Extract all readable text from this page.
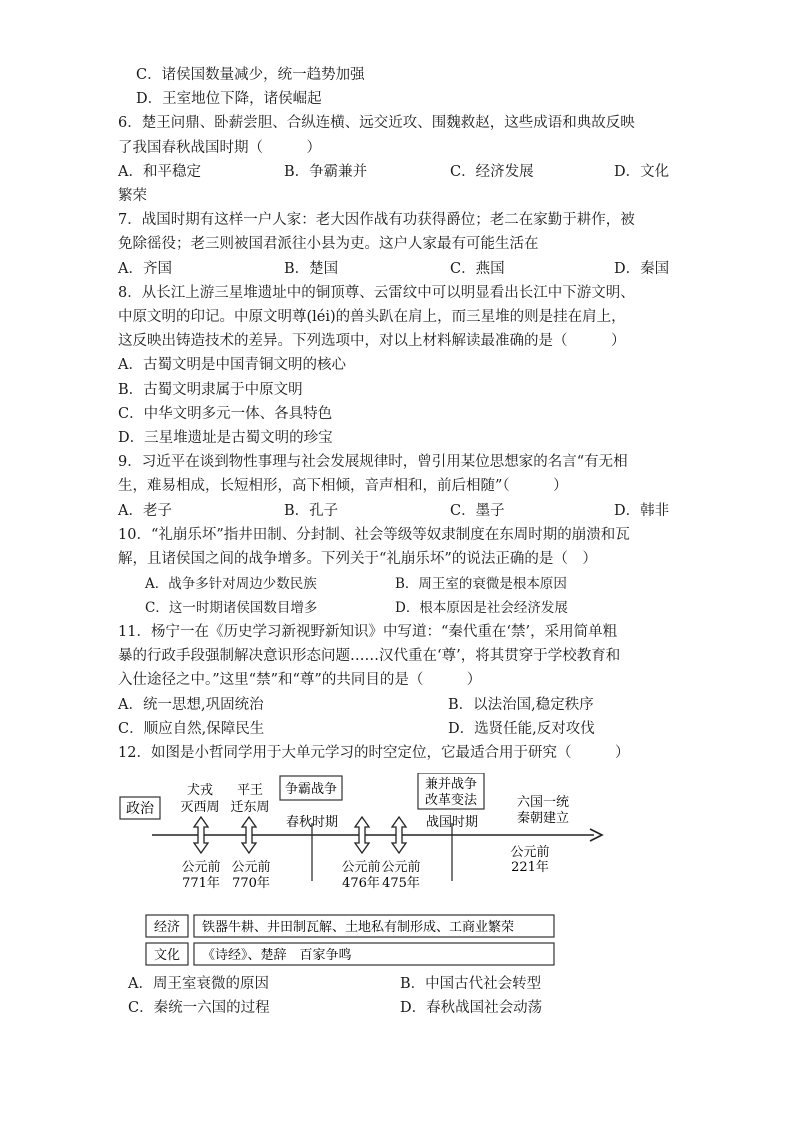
C．诸侯国数量减少，统一趋势加强
D．王室地位下降，诸侯崛起
6．楚王问鼎、卧薪尝胆、合纵连横、远交近攻、围魏救赵，这些成语和典故反映
了我国春秋战国时期（　　　）
A．和平稳定	B．争霸兼并	C．经济发展	D．文化
繁荣
7．战国时期有这样一户人家：老大因作战有功获得爵位；老二在家勤于耕作，被
免除徭役；老三则被国君派往小县为吏。这户人家最有可能生活在
A．齐国	B．楚国	C．燕国	D．秦国
8．从长江上游三星堆遗址中的铜顶尊、云雷纹中可以明显看出长江中下游文明、
中原文明的印记。中原文明尊(léi)的兽头趴在肩上，而三星堆的则是挂在肩上，
这反映出铸造技术的差异。下列选项中，对以上材料解读最准确的是（　　　）
A．古蜀文明是中国青铜文明的核心
B．古蜀文明隶属于中原文明
C．中华文明多元一体、各具特色
D．三星堆遗址是古蜀文明的珍宝
9．习近平在谈到物性事理与社会发展规律时，曾引用某位思想家的名言“有无相
生，难易相成，长短相形，高下相倾，音声相和，前后相随”（　　　）
A．老子	B．孔子	C．墨子	D．韩非
10．“礼崩乐坏”指井田制、分封制、社会等级等奴隶制度在东周时期的崩溃和瓦
解，且诸侯国之间的战争增多。下列关于“礼崩乐坏”的说法正确的是（　）
A．战争多针对周边少数民族	B．周王室的衰微是根本原因
C．这一时期诸侯国数目增多	D．根本原因是社会经济发展
11．杨宁一在《历史学习新视野新知识》中写道：“秦代重在‘禁’，采用简单粗
暴的行政手段强制解决意识形态问题……汉代重在‘尊’，将其贯穿于学校教育和
入仕途径之中。”这里“禁”和“尊”的共同目的是（　　　）
A．统一思想,巩固统治	B．以法治国,稳定秩序
C．顺应自然,保障民生	D．选贤任能,反对攻伐
12．如图是小哲同学用于大单元学习的时空定位，它最适合用于研究（　　　）
政治
犬戎
灭西周
平王
迁东周
争霸战争	兼并战争
改革变法	六国一统
秦朝建立
春秋时期	战国时期
公元前
771年
公元前
770年
公元前
476年
公元前
475年
公元前
221年
经济 铁器牛耕、井田制瓦解、土地私有制形成、工商业繁荣
文化 《诗经》、楚辞　百家争鸣
A．周王室衰微的原因	B．中国古代社会转型
C．秦统一六国的过程	D．春秋战国社会动荡
